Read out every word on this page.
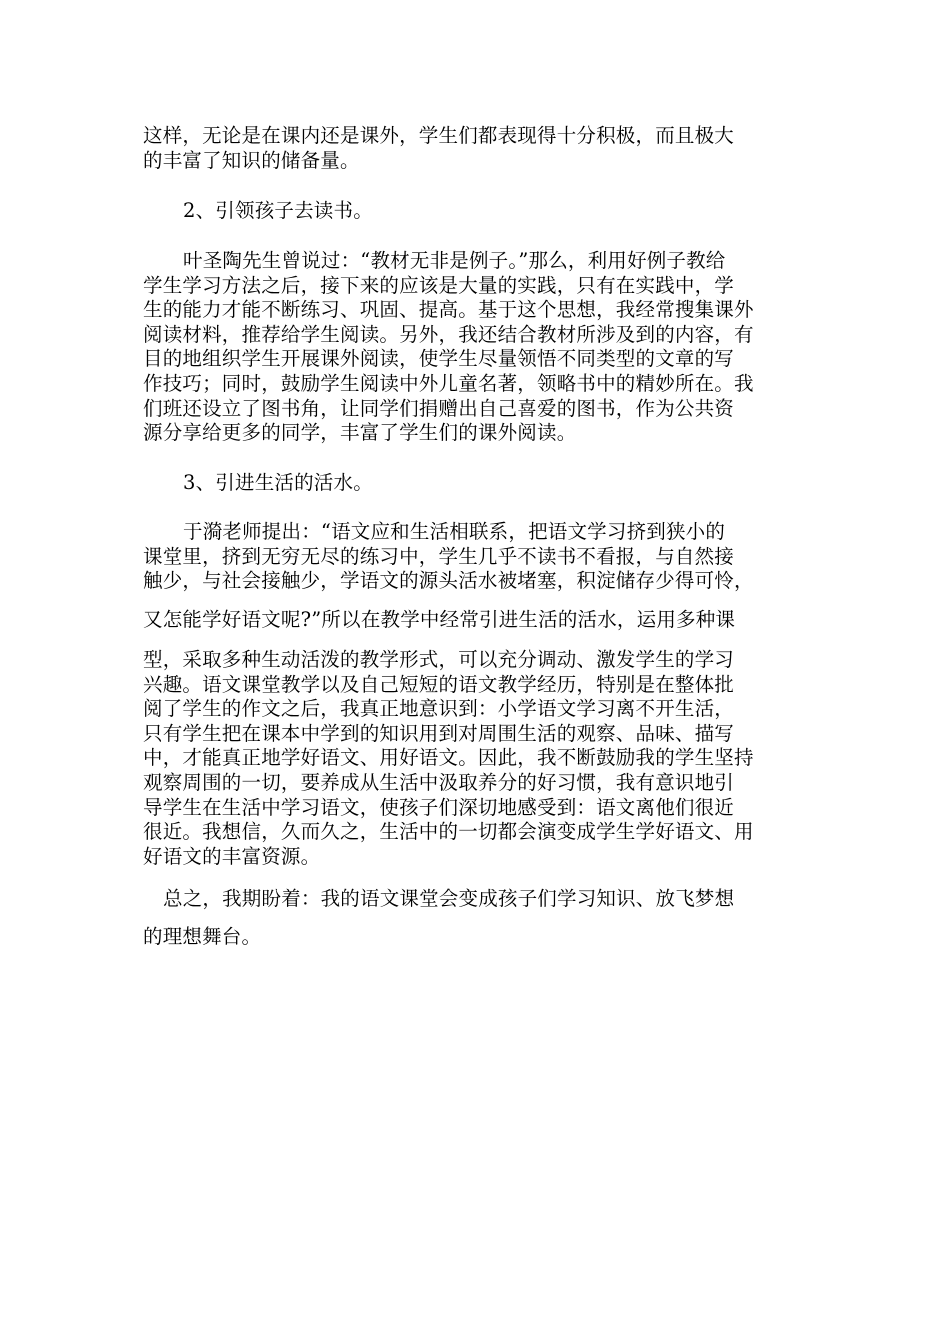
这样，无论是在课内还是课外，学生们都表现得十分积极，而且极大
的丰富了知识的储备量。
2、引领孩子去读书。
叶圣陶先生曾说过：“教材无非是例子。”那么，利用好例子教给
学生学习方法之后，接下来的应该是大量的实践，只有在实践中，学
生的能力才能不断练习、巩固、提高。基于这个思想，我经常搜集课外
阅读材料，推荐给学生阅读。另外，我还结合教材所涉及到的内容，有
目的地组织学生开展课外阅读，使学生尽量领悟不同类型的文章的写
作技巧；同时，鼓励学生阅读中外儿童名著，领略书中的精妙所在。我
们班还设立了图书角，让同学们捐赠出自己喜爱的图书，作为公共资
源分享给更多的同学，丰富了学生们的课外阅读。
3、引进生活的活水。
于漪老师提出：“语文应和生活相联系，把语文学习挤到狭小的
课堂里，挤到无穷无尽的练习中，学生几乎不读书不看报，与自然接
触少，与社会接触少，学语文的源头活水被堵塞，积淀储存少得可怜，
又怎能学好语文呢?”所以在教学中经常引进生活的活水，运用多种课
型，采取多种生动活泼的教学形式，可以充分调动、激发学生的学习
兴趣。语文课堂教学以及自己短短的语文教学经历，特别是在整体批
阅了学生的作文之后，我真正地意识到：小学语文学习离不开生活，
只有学生把在课本中学到的知识用到对周围生活的观察、品味、描写
中，才能真正地学好语文、用好语文。因此，我不断鼓励我的学生坚持
观察周围的一切，要养成从生活中汲取养分的好习惯，我有意识地引
导学生在生活中学习语文，使孩子们深切地感受到：语文离他们很近
很近。我想信，久而久之，生活中的一切都会演变成学生学好语文、用
好语文的丰富资源。
总之，我期盼着：我的语文课堂会变成孩子们学习知识、放飞梦想
的理想舞台。
